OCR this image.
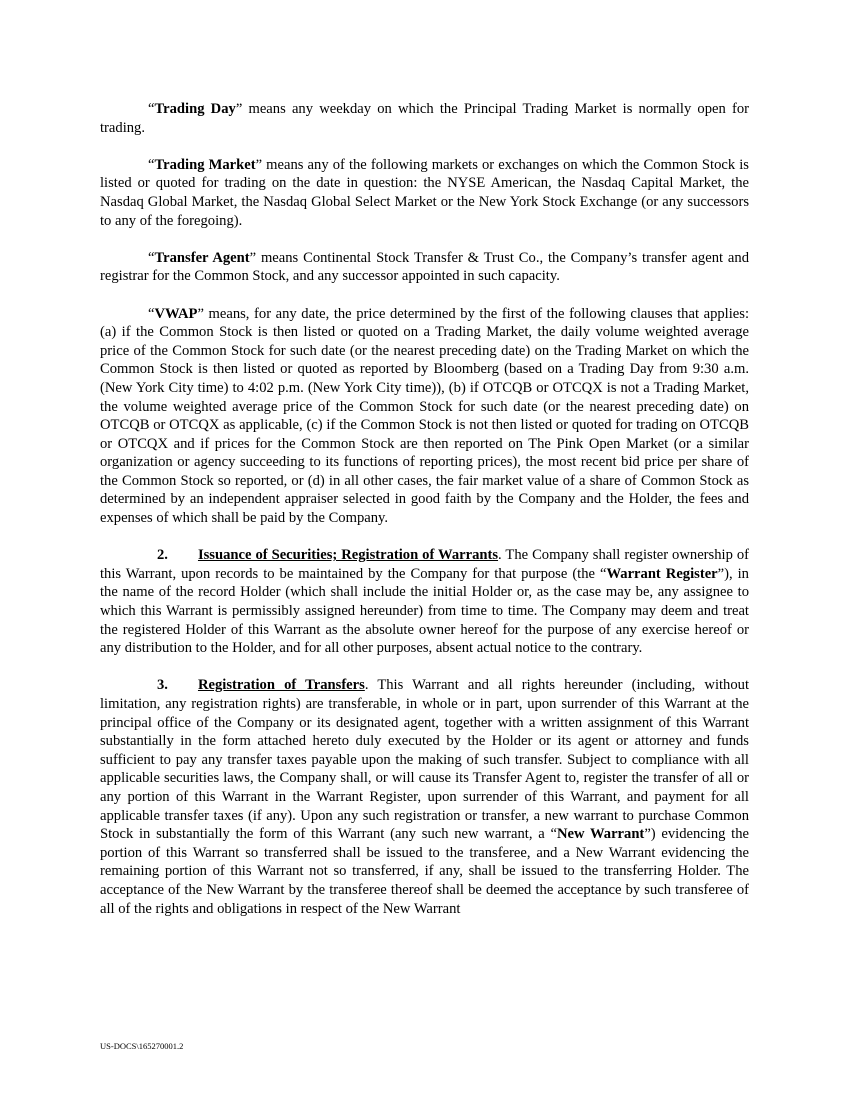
“Trading Day” means any weekday on which the Principal Trading Market is normally open for trading.

“Trading Market” means any of the following markets or exchanges on which the Common Stock is listed or quoted for trading on the date in question: the NYSE American, the Nasdaq Capital Market, the Nasdaq Global Market, the Nasdaq Global Select Market or the New York Stock Exchange (or any successors to any of the foregoing).

“Transfer Agent” means Continental Stock Transfer & Trust Co., the Company’s transfer agent and registrar for the Common Stock, and any successor appointed in such capacity.

“VWAP” means, for any date, the price determined by the first of the following clauses that applies: (a) if the Common Stock is then listed or quoted on a Trading Market, the daily volume weighted average price of the Common Stock for such date (or the nearest preceding date) on the Trading Market on which the Common Stock is then listed or quoted as reported by Bloomberg (based on a Trading Day from 9:30 a.m. (New York City time) to 4:02 p.m. (New York City time)), (b) if OTCQB or OTCQX is not a Trading Market, the volume weighted average price of the Common Stock for such date (or the nearest preceding date) on OTCQB or OTCQX as applicable, (c) if the Common Stock is not then listed or quoted for trading on OTCQB or OTCQX and if prices for the Common Stock are then reported on The Pink Open Market (or a similar organization or agency succeeding to its functions of reporting prices), the most recent bid price per share of the Common Stock so reported, or (d) in all other cases, the fair market value of a share of Common Stock as determined by an independent appraiser selected in good faith by the Company and the Holder, the fees and expenses of which shall be paid by the Company.

2. Issuance of Securities; Registration of Warrants. The Company shall register ownership of this Warrant, upon records to be maintained by the Company for that purpose (the “Warrant Register”), in the name of the record Holder (which shall include the initial Holder or, as the case may be, any assignee to which this Warrant is permissibly assigned hereunder) from time to time. The Company may deem and treat the registered Holder of this Warrant as the absolute owner hereof for the purpose of any exercise hereof or any distribution to the Holder, and for all other purposes, absent actual notice to the contrary.

3. Registration of Transfers. This Warrant and all rights hereunder (including, without limitation, any registration rights) are transferable, in whole or in part, upon surrender of this Warrant at the principal office of the Company or its designated agent, together with a written assignment of this Warrant substantially in the form attached hereto duly executed by the Holder or its agent or attorney and funds sufficient to pay any transfer taxes payable upon the making of such transfer. Subject to compliance with all applicable securities laws, the Company shall, or will cause its Transfer Agent to, register the transfer of all or any portion of this Warrant in the Warrant Register, upon surrender of this Warrant, and payment for all applicable transfer taxes (if any). Upon any such registration or transfer, a new warrant to purchase Common Stock in substantially the form of this Warrant (any such new warrant, a “New Warrant”) evidencing the portion of this Warrant so transferred shall be issued to the transferee, and a New Warrant evidencing the remaining portion of this Warrant not so transferred, if any, shall be issued to the transferring Holder. The acceptance of the New Warrant by the transferee thereof shall be deemed the acceptance by such transferee of all of the rights and obligations in respect of the New Warrant

US-DOCS\165270001.2
